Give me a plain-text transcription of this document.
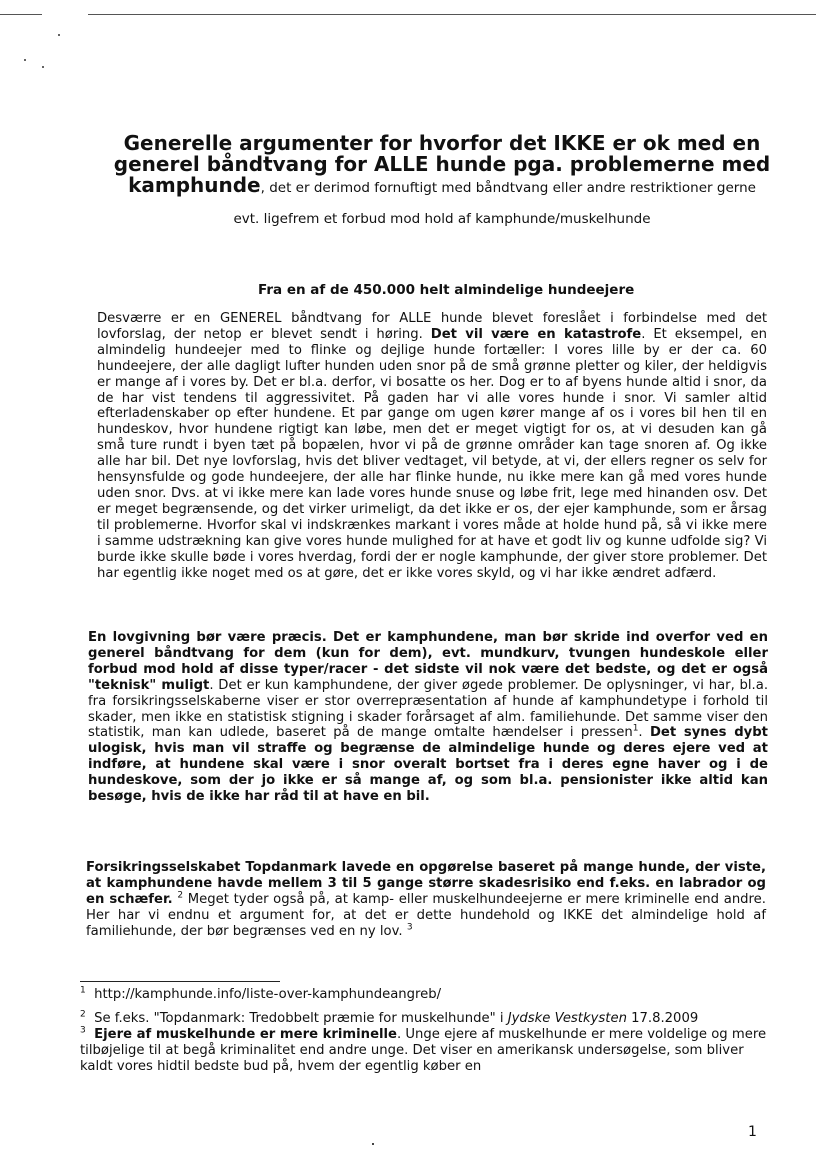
Generelle argumenter for hvorfor det IKKE er ok med en generel båndtvang for ALLE hunde pga. problemerne med kamphunde, det er derimod fornuftigt med båndtvang eller andre restriktioner gerne

evt. ligefrem et forbud mod hold af kamphunde/muskelhunde

Fra en af de 450.000 helt almindelige hundeejere

Desværre er en GENEREL båndtvang for ALLE hunde blevet foreslået i forbindelse med det lovforslag, der netop er blevet sendt i høring. Det vil være en katastrofe. Et eksempel, en almindelig hundeejer med to flinke og dejlige hunde fortæller: I vores lille by er der ca. 60 hundeejere, der alle dagligt lufter hunden uden snor på de små grønne pletter og kiler, der heldigvis er mange af i vores by. Det er bl.a. derfor, vi bosatte os her. Dog er to af byens hunde altid i snor, da de har vist tendens til aggressivitet. På gaden har vi alle vores hunde i snor. Vi samler altid efterladenskaber op efter hundene. Et par gange om ugen kører mange af os i vores bil hen til en hundeskov, hvor hundene rigtigt kan løbe, men det er meget vigtigt for os, at vi desuden kan gå små ture rundt i byen tæt på bopælen, hvor vi på de grønne områder kan tage snoren af. Og ikke alle har bil. Det nye lovforslag, hvis det bliver vedtaget, vil betyde, at vi, der ellers regner os selv for hensynsfulde og gode hundeejere, der alle har flinke hunde, nu ikke mere kan gå med vores hunde uden snor. Dvs. at vi ikke mere kan lade vores hunde snuse og løbe frit, lege med hinanden osv. Det er meget begrænsende, og det virker urimeligt, da det ikke er os, der ejer kamphunde, som er årsag til problemerne. Hvorfor skal vi indskrænkes markant i vores måde at holde hund på, så vi ikke mere i samme udstrækning kan give vores hunde mulighed for at have et godt liv og kunne udfolde sig? Vi burde ikke skulle bøde i vores hverdag, fordi der er nogle kamphunde, der giver store problemer. Det har egentlig ikke noget med os at gøre, det er ikke vores skyld, og vi har ikke ændret adfærd.

En lovgivning bør være præcis. Det er kamphundene, man bør skride ind overfor ved en generel båndtvang for dem (kun for dem), evt. mundkurv, tvungen hundeskole eller forbud mod hold af disse typer/racer - det sidste vil nok være det bedste, og det er også "teknisk" muligt. Det er kun kamphundene, der giver øgede problemer. De oplysninger, vi har, bl.a. fra forsikringsselskaberne viser er stor overrepræsentation af hunde af kamphundetype i forhold til skader, men ikke en statistisk stigning i skader forårsaget af alm. familiehunde. Det samme viser den statistik, man kan udlede, baseret på de mange omtalte hændelser i pressen$^1$. Det synes dybt ulogisk, hvis man vil straffe og begrænse de almindelige hunde og deres ejere ved at indføre, at hundene skal være i snor overalt bortset fra i deres egne haver og i de hundeskove, som der jo ikke er så mange af, og som bl.a. pensionister ikke altid kan besøge, hvis de ikke har råd til at have en bil.

Forsikringsselskabet Topdanmark lavede en opgørelse baseret på mange hunde, der viste, at kamphundene havde mellem 3 til 5 gange større skadesrisiko end f.eks. en labrador og en schæfer. $^2$ Meget tyder også på, at kamp- eller muskelhundeejerne er mere kriminelle end andre. Her har vi endnu et argument for, at det er dette hundehold og IKKE det almindelige hold af familiehunde, der bør begrænses ved en ny lov. $^3$

$^1$ http://kamphunde.info/liste-over-kamphundeangreb/

$^2$ Se f.eks. "Topdanmark: Tredobbelt præmie for muskelhunde" i Jydske Vestkysten 17.8.2009

$^3$ Ejere af muskelhunde er mere kriminelle. Unge ejere af muskelhunde er mere voldelige og mere tilbøjelige til at begå kriminalitet end andre unge. Det viser en amerikansk undersøgelse, som bliver kaldt vores hidtil bedste bud på, hvem der egentlig køber en

1
